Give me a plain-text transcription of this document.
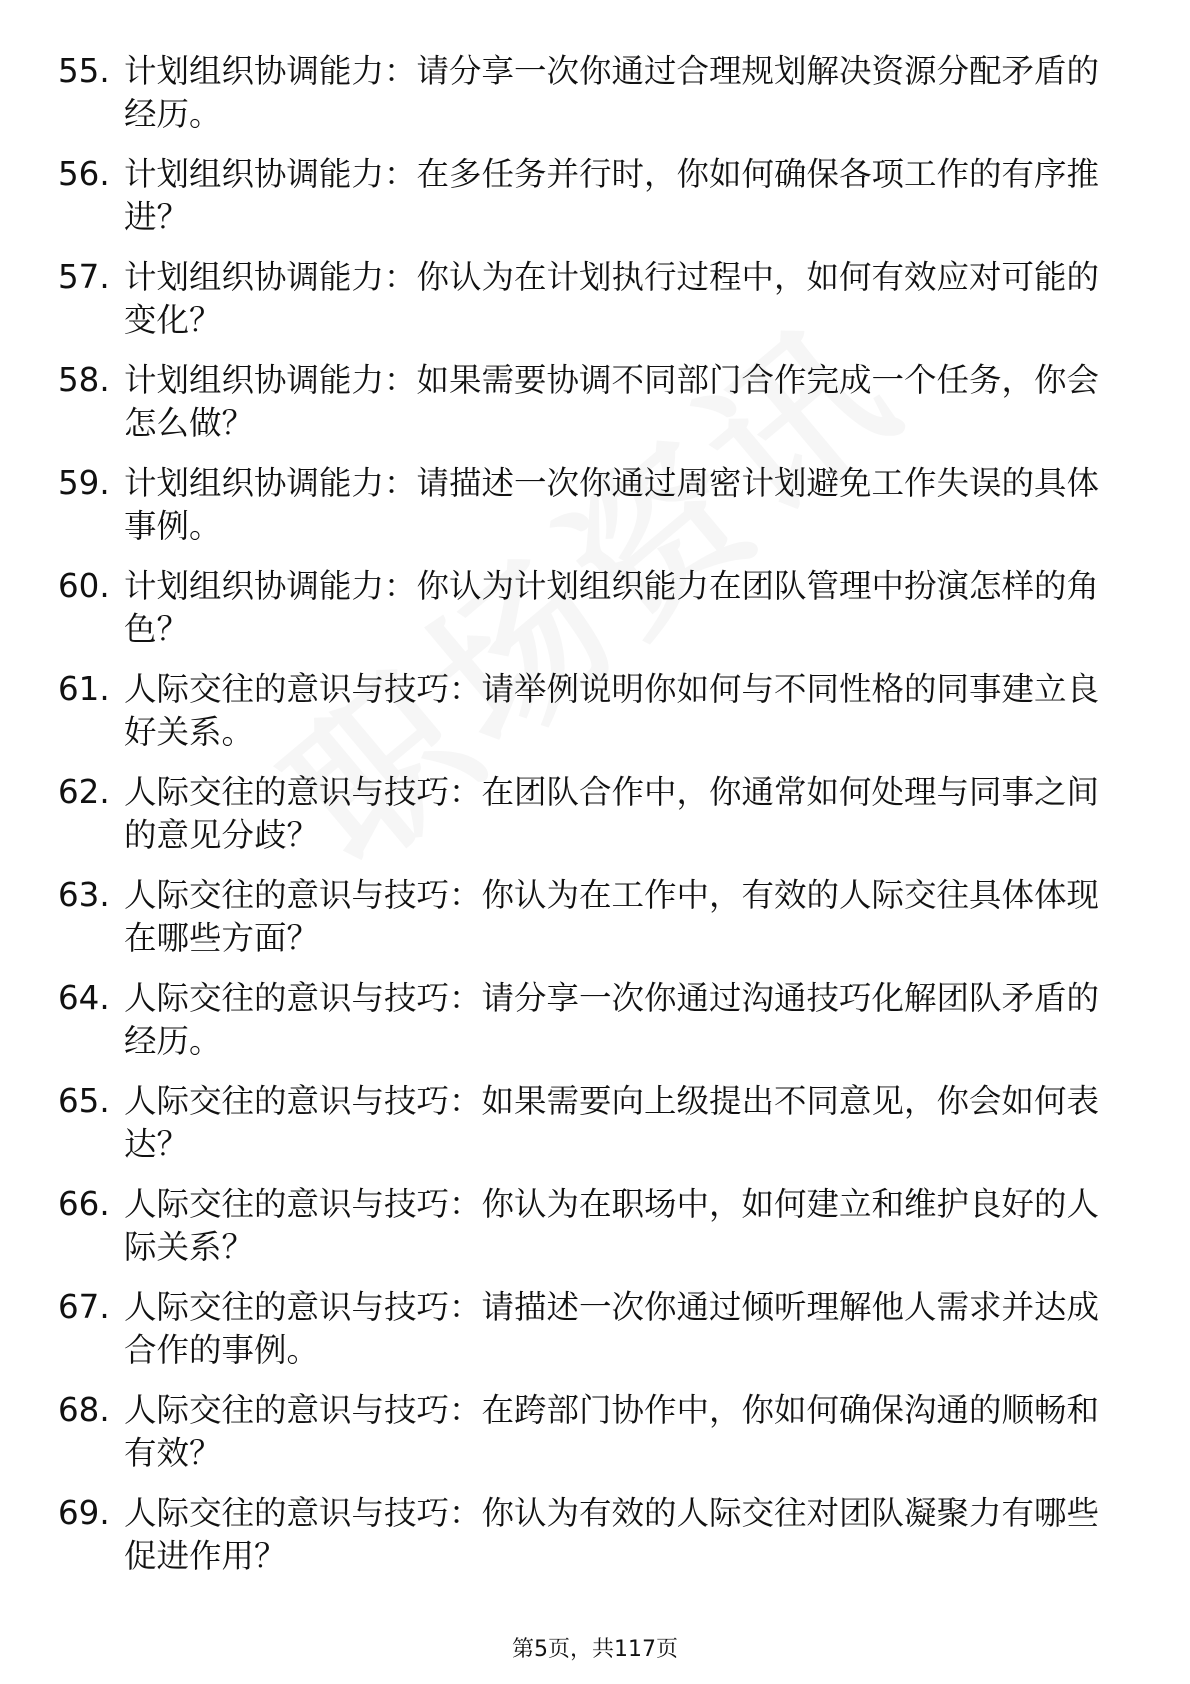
55. 计划组织协调能力：请分享一次你通过合理规划解决资源分配矛盾的经历。
56. 计划组织协调能力：在多任务并行时，你如何确保各项工作的有序推进？
57. 计划组织协调能力：你认为在计划执行过程中，如何有效应对可能的变化？
58. 计划组织协调能力：如果需要协调不同部门合作完成一个任务，你会怎么做？
59. 计划组织协调能力：请描述一次你通过周密计划避免工作失误的具体事例。
60. 计划组织协调能力：你认为计划组织能力在团队管理中扮演怎样的角色？
61. 人际交往的意识与技巧：请举例说明你如何与不同性格的同事建立良好关系。
62. 人际交往的意识与技巧：在团队合作中，你通常如何处理与同事之间的意见分歧？
63. 人际交往的意识与技巧：你认为在工作中，有效的人际交往具体体现在哪些方面？
64. 人际交往的意识与技巧：请分享一次你通过沟通技巧化解团队矛盾的经历。
65. 人际交往的意识与技巧：如果需要向上级提出不同意见，你会如何表达？
66. 人际交往的意识与技巧：你认为在职场中，如何建立和维护良好的人际关系？
67. 人际交往的意识与技巧：请描述一次你通过倾听理解他人需求并达成合作的事例。
68. 人际交往的意识与技巧：在跨部门协作中，你如何确保沟通的顺畅和有效？
69. 人际交往的意识与技巧：你认为有效的人际交往对团队凝聚力有哪些促进作用？
第5页，共117页
